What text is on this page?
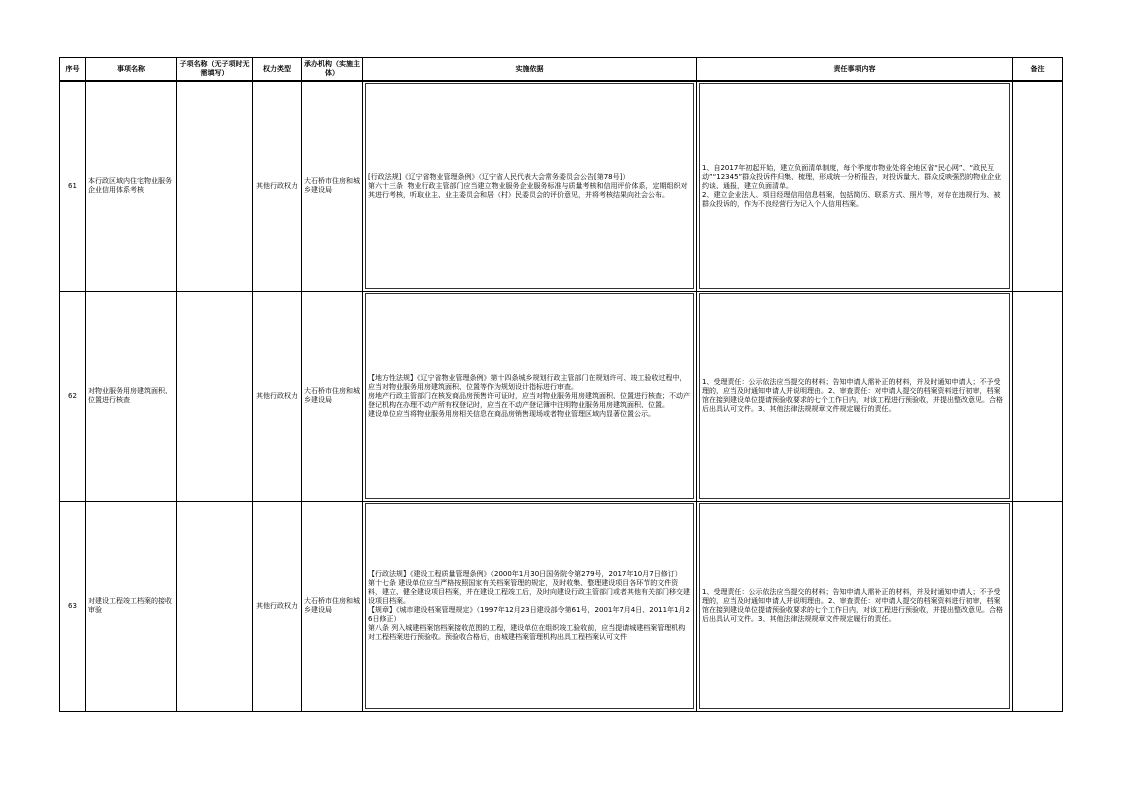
序号	事项名称	子项名称（无子项时无需填写）	权力类型	承办机构（实施主体）	实施依据	责任事项内容	备注
61	本行政区域内住宅物业服务企业信用体系考核		其他行政权力	大石桥市住房和城乡建设局	[行政法规]《辽宁省物业管理条例》（辽宁省人民代表大会常务委员会公告[第78号]）
第六十三条  物业行政主管部门应当建立物业服务企业服务标准与质量考核和信用评价体系，定期组织对其进行考核，听取业主、业主委员会和居（村）民委员会的评价意见，并将考核结果向社会公布。	1、自2017年初起开始，建立负面清单制度，每个季度市物业处将全地区省“民心网”、“政民互动”“12345”群众投诉件归集、梳理，形成统一分析报告，对投诉量大、群众反映强烈的物业企业约谈、通报，建立负面清单。
2、建立企业法人、项目经理信用信息档案，包括简历、联系方式、照片等，对存在违规行为、被群众投诉的，作为不良经营行为记入个人信用档案。	

62	对物业服务用房建筑面积、位置进行核查		其他行政权力	大石桥市住房和城乡建设局	【地方性法规】《辽宁省物业管理条例》第十四条城乡规划行政主管部门在规划许可、竣工验收过程中，应当对物业服务用房建筑面积、位置等作为规划设计指标进行审查。
房地产行政主管部门在核发商品房预售许可证时，应当对物业服务用房建筑面积、位置进行核查；不动产登记机构在办理不动产所有权登记时，应当在不动产登记簿中注明物业服务用房建筑面积、位置。
建设单位应当将物业服务用房相关信息在商品房销售现场或者物业管理区域内显著位置公示。	1、受理责任：公示依法应当提交的材料；告知申请人需补正的材料，并及时通知申请人；不予受理的，应当及时通知申请人并说明理由。2、审查责任：对申请人提交的档案资料进行初审，档案馆在接到建设单位提请预验收要求的七个工作日内，对该工程进行预验收，并提出整改意见。合格后出具认可文件。3、其他法律法规规章文件规定履行的责任。	

63	对建设工程竣工档案的接收审验		其他行政权力	大石桥市住房和城乡建设局	【行政法规】《建设工程质量管理条例》（2000年1月30日国务院令第279号，2017年10月7日修订）
第十七条 建设单位应当严格按照国家有关档案管理的规定，及时收集、整理建设项目各环节的文件资料，建立、健全建设项目档案，并在建设工程竣工后，及时向建设行政主管部门或者其他有关部门移交建设项目档案。
【规章】《城市建设档案管理规定》（1997年12月23日建设部令第61号，2001年7月4日、2011年1月26日修正）
第八条 列入城建档案馆档案接收范围的工程，建设单位在组织竣工验收前，应当提请城建档案管理机构对工程档案进行预验收。预验收合格后，由城建档案管理机构出具工程档案认可文件	1、受理责任：公示依法应当提交的材料；告知申请人需补正的材料，并及时通知申请人；不予受理的，应当及时通知申请人并说明理由。2、审查责任：对申请人提交的档案资料进行初审，档案馆在接到建设单位提请预验收要求的七个工作日内，对该工程进行预验收，并提出整改意见。合格后出具认可文件。3、其他法律法规规章文件规定履行的责任。	
